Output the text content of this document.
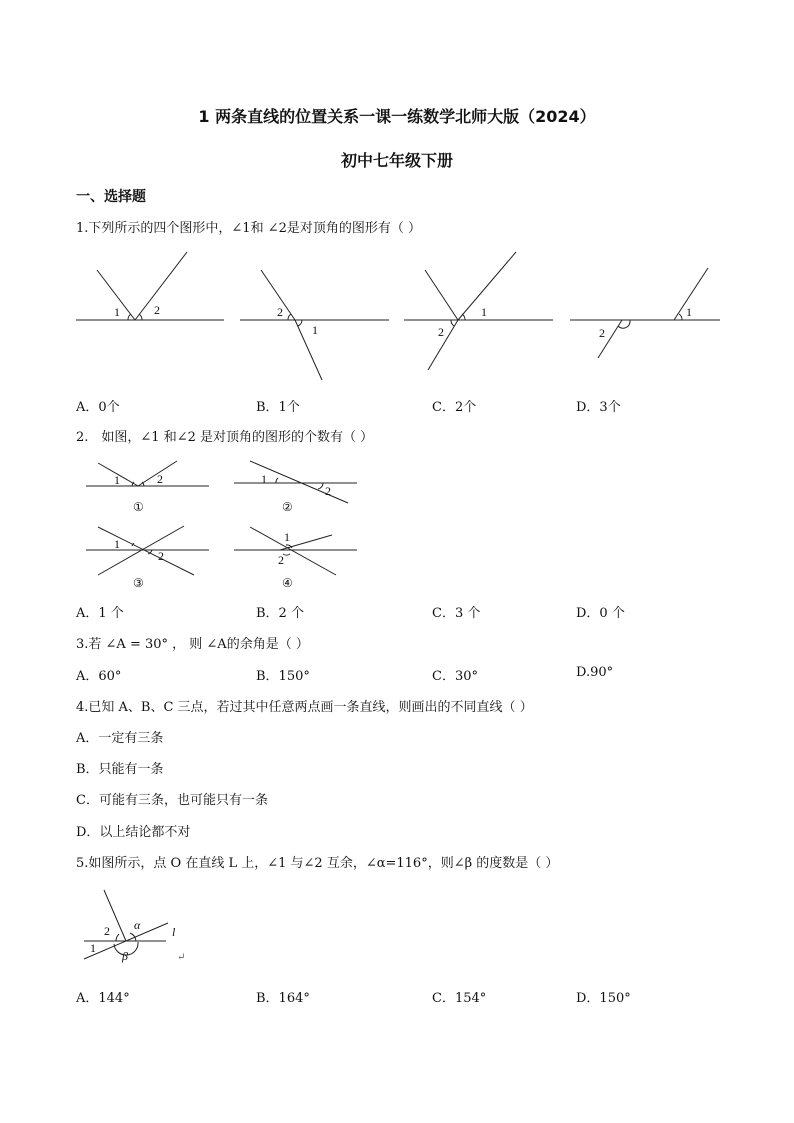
1 两条直线的位置关系一课一练数学北师大版（2024）
初中七年级下册
一、选择题
1.下列所示的四个图形中，∠1和 ∠2是对顶角的图形有（ ）
1	2	2
1	2
1
2
1
A．0个	B．1个	C．2个	D．3个
2.　如图，∠1 和∠2 是对顶角的图形的个数有（ ）
1	2
①
1
2
②
1
2
③
1
2
④
A．1 个	B．2 个	C．3 个	D．0 个
3.若 ∠A = 30° ， 则 ∠A的余角是（ ）
A．60°	B．150°	C．30°	D.90°
4.已知 A、B、C 三点，若过其中任意两点画一条直线，则画出的不同直线（ ）
A．一定有三条
B．只能有一条
C．可能有三条，也可能只有一条
D．以上结论都不对
5.如图所示，点 O 在直线 L 上，∠1 与∠2 互余，∠α=116°，则∠β 的度数是（ ）
2 α	l
1
β	↵
A．144°	B．164°	C．154°	D．150°
